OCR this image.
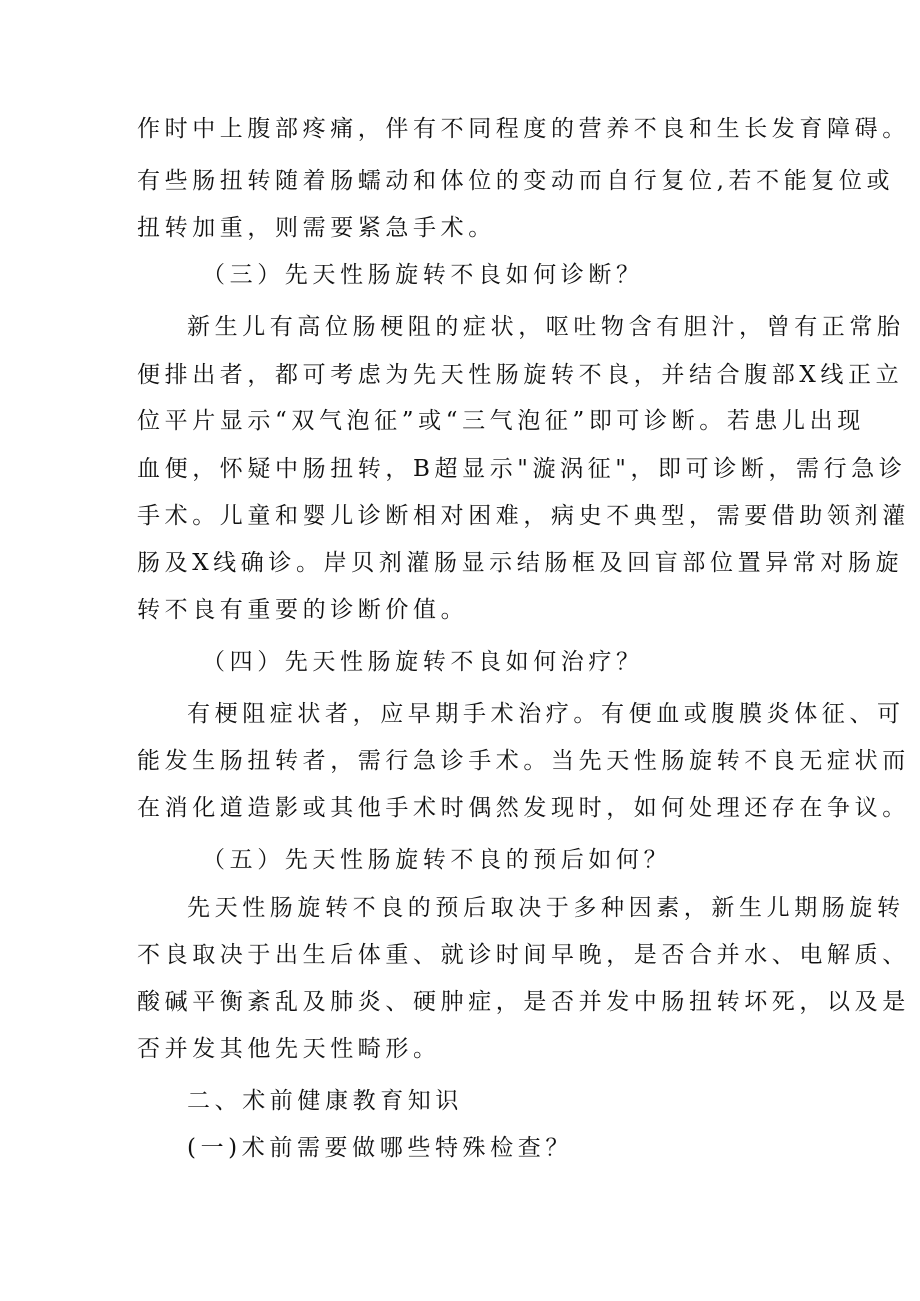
作时中上腹部疼痛，伴有不同程度的营养不良和生长发育障碍。
有些肠扭转随着肠蠕动和体位的变动而自行复位,若不能复位或
扭转加重，则需要紧急手术。
（三）先天性肠旋转不良如何诊断？
新生儿有高位肠梗阻的症状，呕吐物含有胆汁，曾有正常胎
便排出者，都可考虑为先天性肠旋转不良，并结合腹部X线正立
位平片显示“双气泡征”或“三气泡征”即可诊断。若患儿出现
血便，怀疑中肠扭转，B超显示"漩涡征"，即可诊断，需行急诊
手术。儿童和婴儿诊断相对困难，病史不典型，需要借助领剂灌
肠及X线确诊。岸贝剂灌肠显示结肠框及回盲部位置异常对肠旋
转不良有重要的诊断价值。
（四）先天性肠旋转不良如何治疗？
有梗阻症状者，应早期手术治疗。有便血或腹膜炎体征、可
能发生肠扭转者，需行急诊手术。当先天性肠旋转不良无症状而
在消化道造影或其他手术时偶然发现时，如何处理还存在争议。
（五）先天性肠旋转不良的预后如何？
先天性肠旋转不良的预后取决于多种因素，新生儿期肠旋转
不良取决于出生后体重、就诊时间早晚，是否合并水、电解质、
酸碱平衡紊乱及肺炎、硬肿症，是否并发中肠扭转坏死，以及是
否并发其他先天性畸形。
二、术前健康教育知识
(一)术前需要做哪些特殊检查？
